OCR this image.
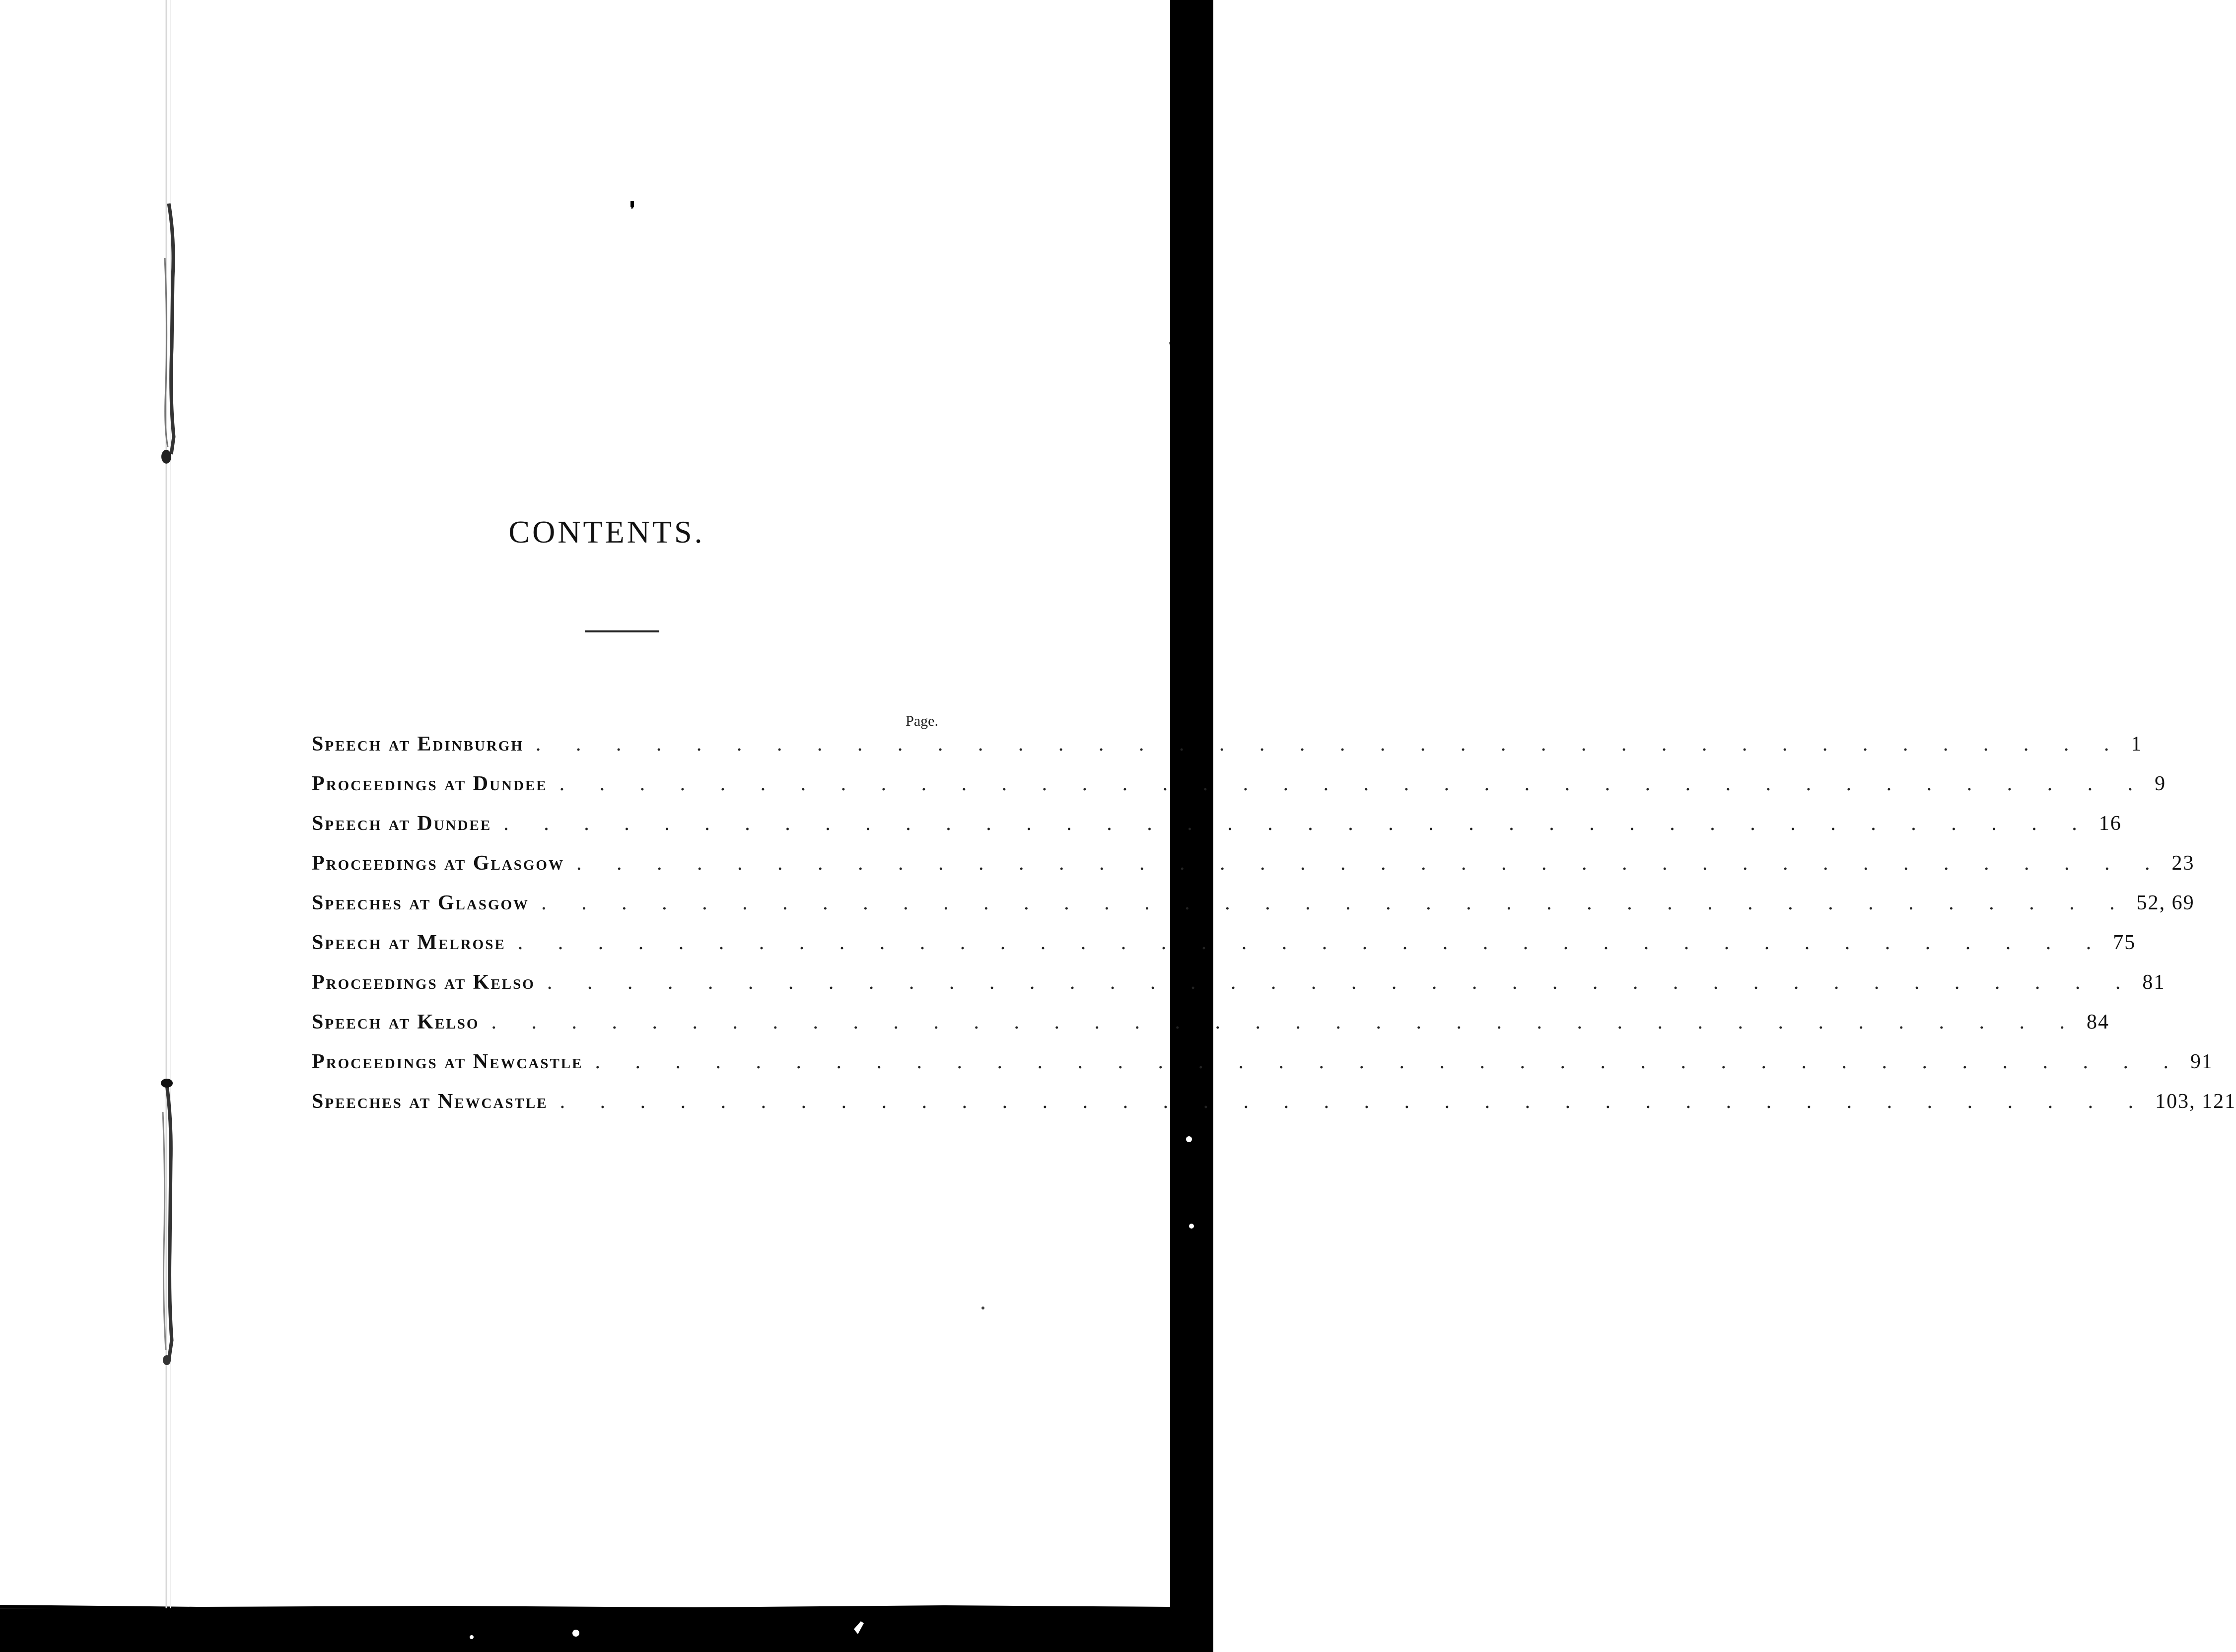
CONTENTS.
Page.
Speech at Edinburgh . . . . . . . . . . . . . . . . . . . . . . . . . . . . . . . . . . . . . . . . 1
Proceedings at Dundee . . . . . . . . . . . . . . . . . . . . . . . . . . . . . . . . . . . . . . . . 9
Speech at Dundee . . . . . . . . . . . . . . . . . . . . . . . . . . . . . . . . . . . . . . . . 16
Proceedings at Glasgow . . . . . . . . . . . . . . . . . . . . . . . . . . . . . . . . . . . . . . . . 23
Speeches at Glasgow . . . . . . . . . . . . . . . . . . . . . . . . . . . . . . . . . . . . . . . . 52, 69
Speech at Melrose . . . . . . . . . . . . . . . . . . . . . . . . . . . . . . . . . . . . . . . . 75
Proceedings at Kelso . . . . . . . . . . . . . . . . . . . . . . . . . . . . . . . . . . . . . . . . 81
Speech at Kelso . . . . . . . . . . . . . . . . . . . . . . . . . . . . . . . . . . . . . . . . 84
Proceedings at Newcastle . . . . . . . . . . . . . . . . . . . . . . . . . . . . . . . . . . . . . . . . 91
Speeches at Newcastle . . . . . . . . . . . . . . . . . . . . . . . . . . . . . . . . . . . . . . . . 103, 121
